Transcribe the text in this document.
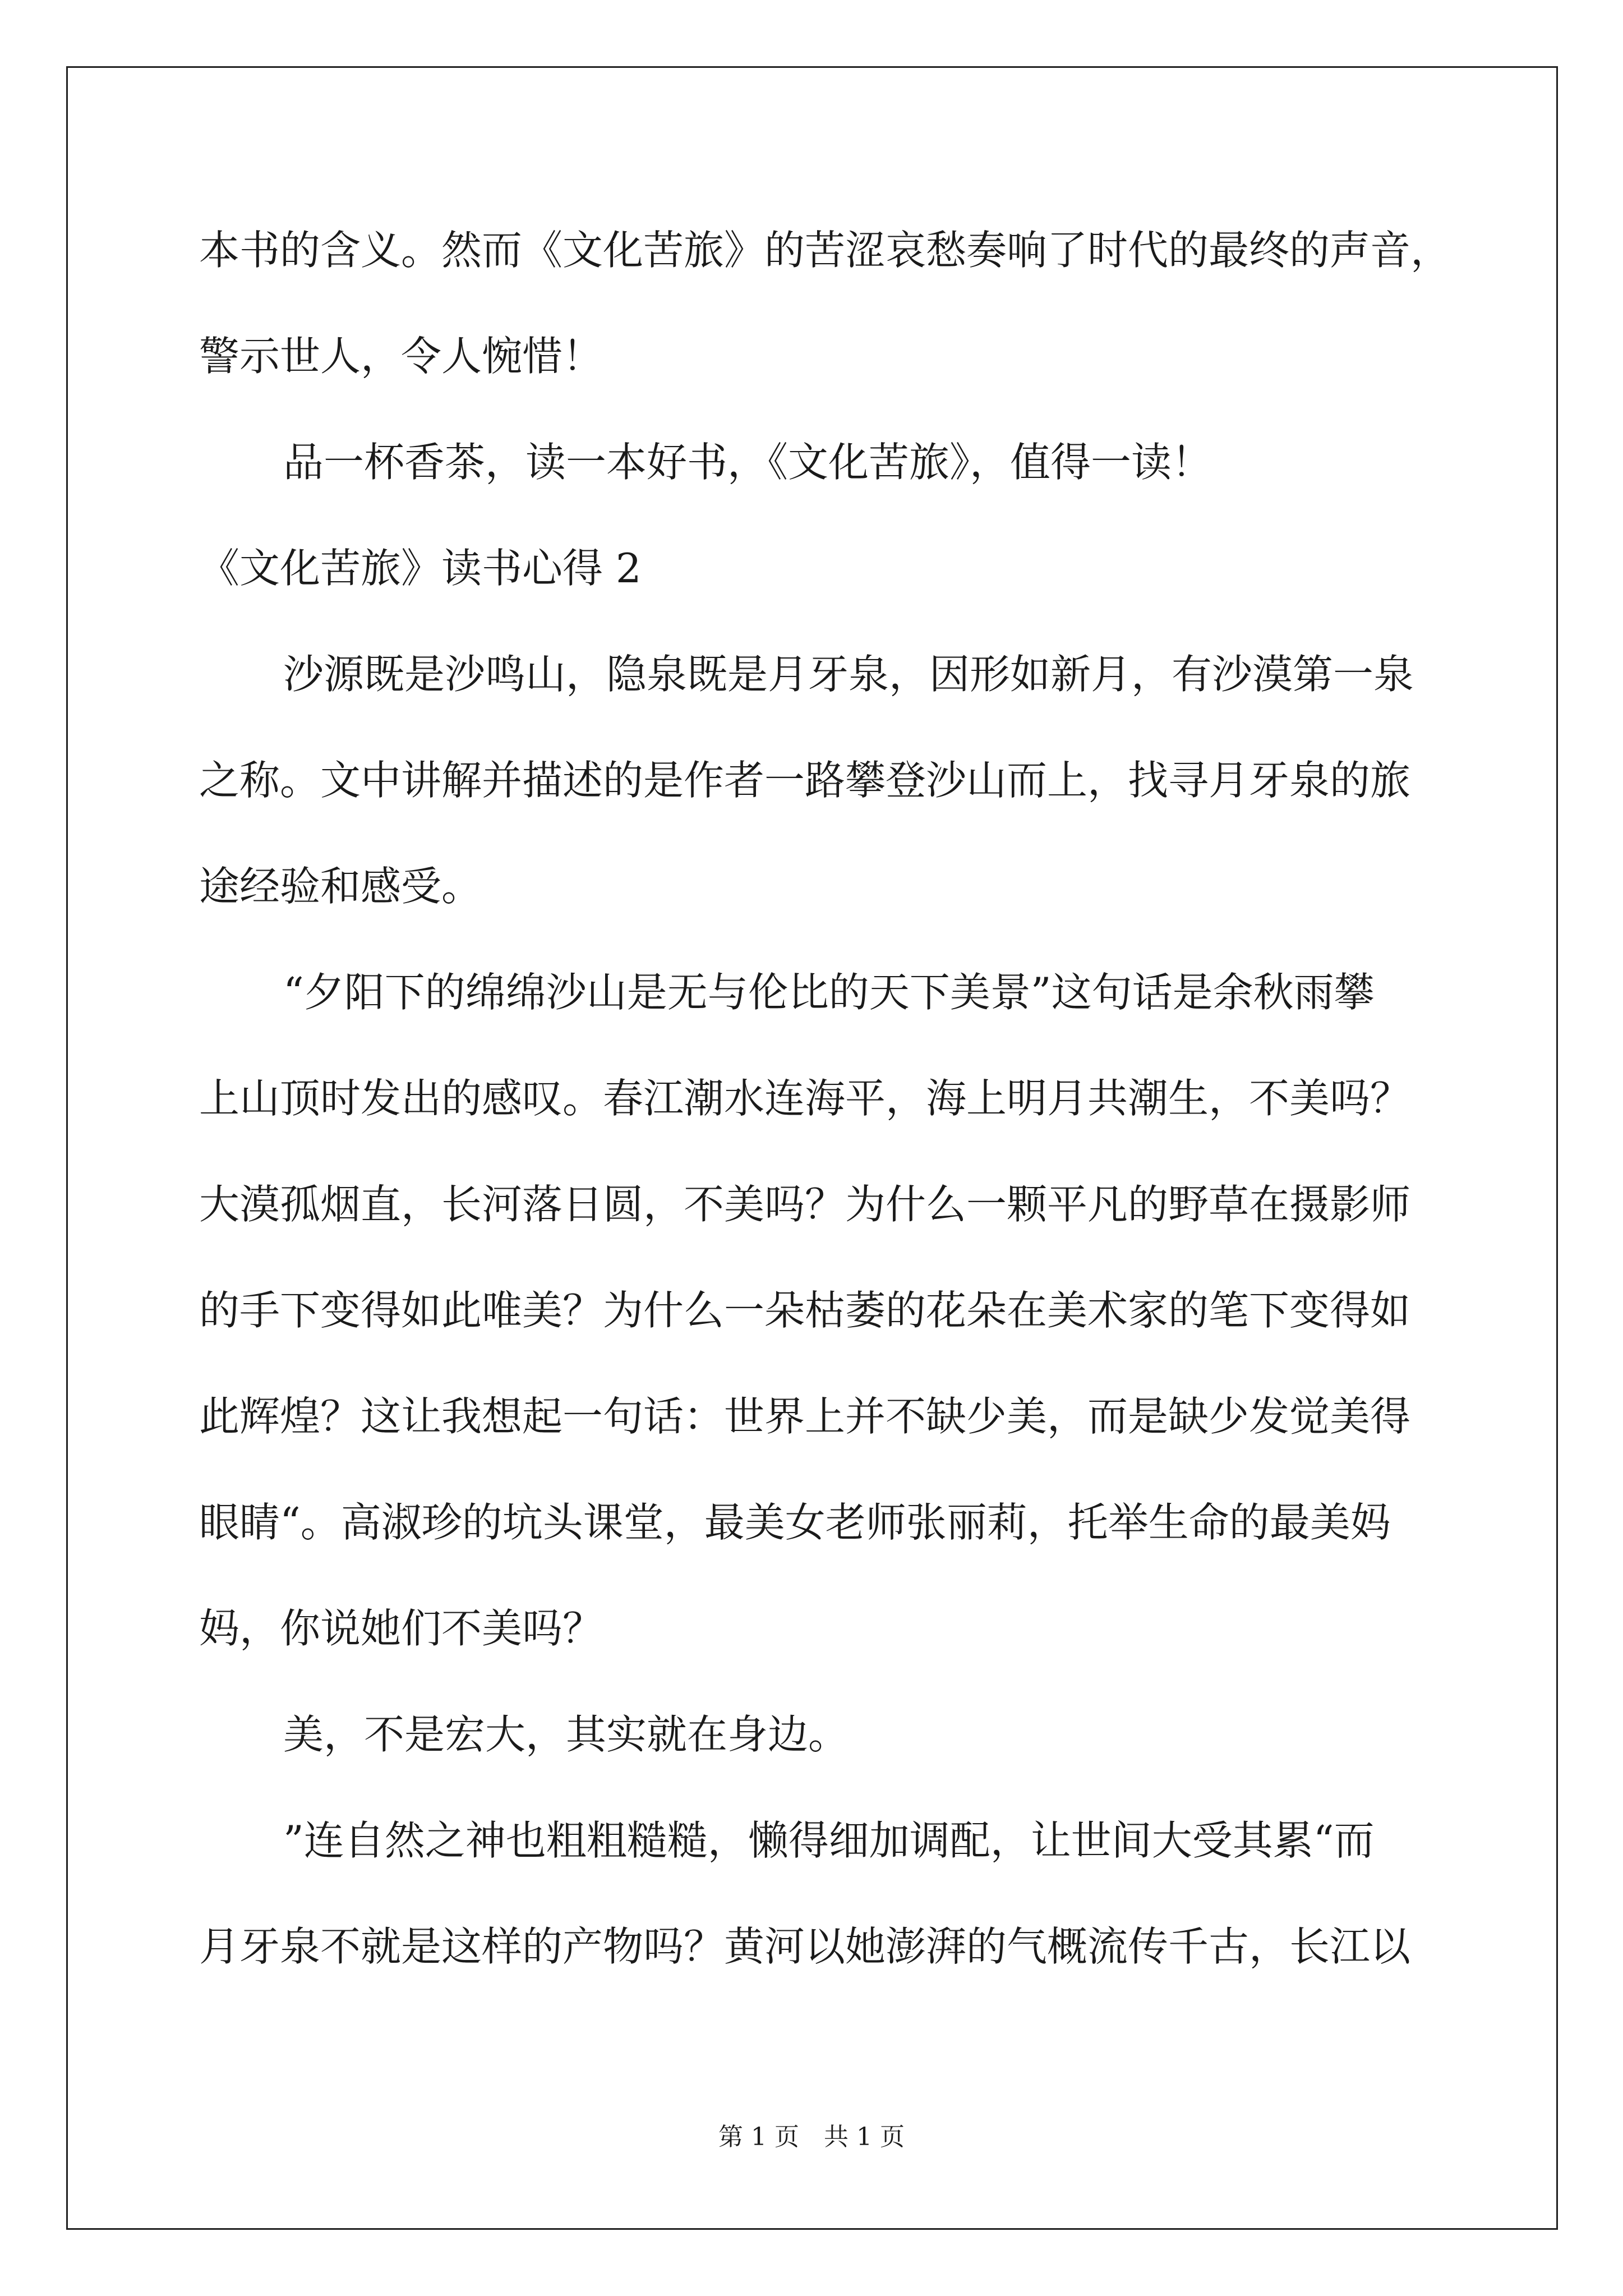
本书的含义。然而《文化苦旅》的苦涩哀愁奏响了时代的最终的声音，
警示世人，令人惋惜！
品一杯香茶，读一本好书，《文化苦旅》，值得一读！
《文化苦旅》读书心得 2
沙源既是沙鸣山，隐泉既是月牙泉，因形如新月，有沙漠第一泉
之称。文中讲解并描述的是作者一路攀登沙山而上，找寻月牙泉的旅
途经验和感受。
“夕阳下的绵绵沙山是无与伦比的天下美景”这句话是余秋雨攀
上山顶时发出的感叹。春江潮水连海平，海上明月共潮生，不美吗？
大漠孤烟直，长河落日圆，不美吗？为什么一颗平凡的野草在摄影师
的手下变得如此唯美？为什么一朵枯萎的花朵在美术家的笔下变得如
此辉煌？这让我想起一句话：世界上并不缺少美，而是缺少发觉美得
眼睛“。高淑珍的坑头课堂，最美女老师张丽莉，托举生命的最美妈
妈，你说她们不美吗？
美，不是宏大，其实就在身边。
”连自然之神也粗粗糙糙，懒得细加调配，让世间大受其累“而
月牙泉不就是这样的产物吗？黄河以她澎湃的气概流传千古，长江以
第 1 页　共 1 页
